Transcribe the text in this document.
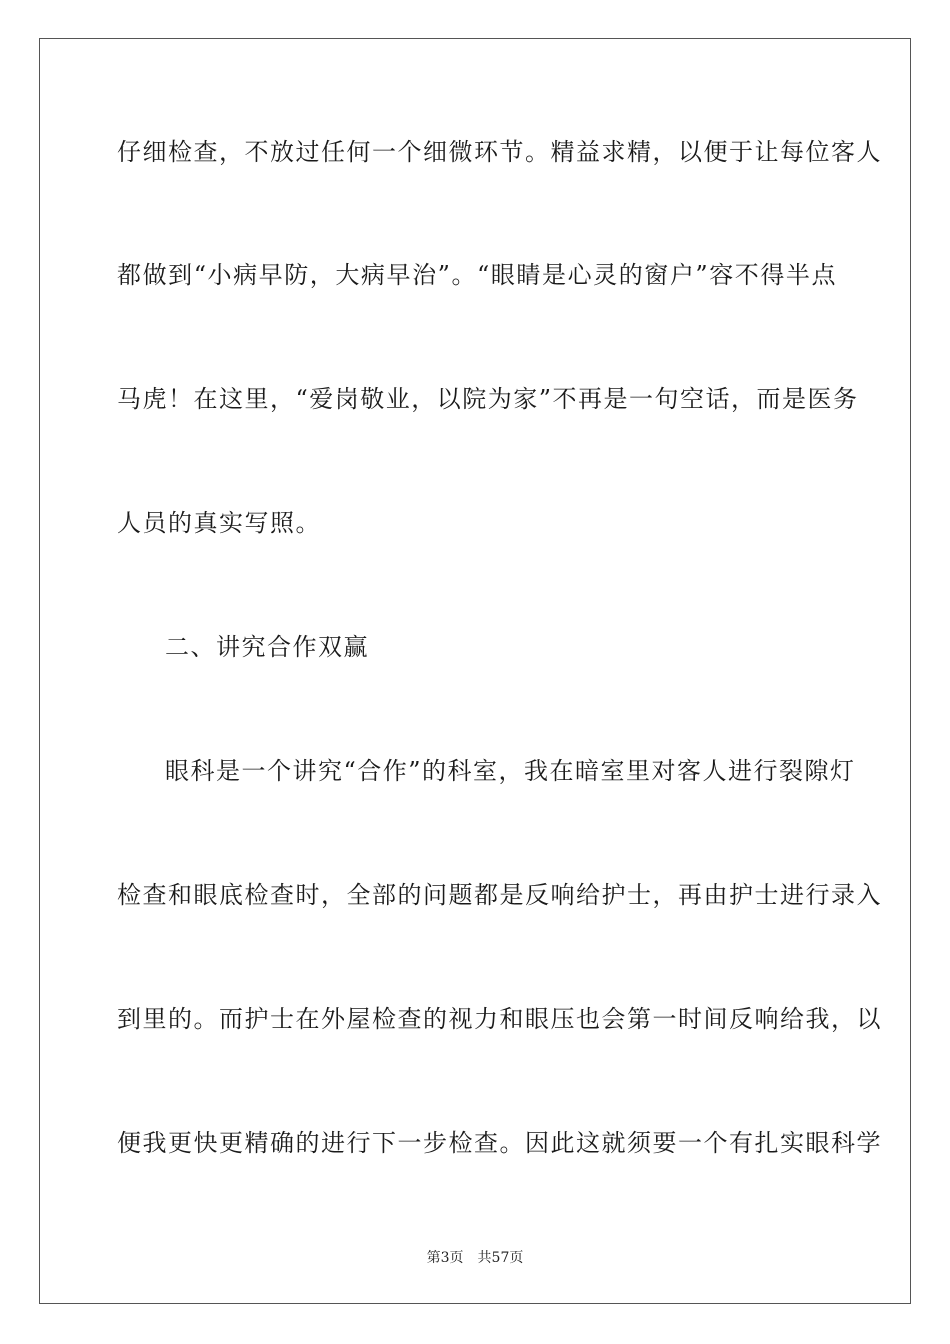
仔细检查，不放过任何一个细微环节。精益求精，以便于让每位客人
都做到“小病早防，大病早治”。“眼睛是心灵的窗户”容不得半点
马虎！在这里，“爱岗敬业，以院为家”不再是一句空话，而是医务
人员的真实写照。
二、讲究合作双赢
眼科是一个讲究“合作”的科室，我在暗室里对客人进行裂隙灯
检查和眼底检查时，全部的问题都是反响给护士，再由护士进行录入
到里的。而护士在外屋检查的视力和眼压也会第一时间反响给我，以
便我更快更精确的进行下一步检查。因此这就须要一个有扎实眼科学
第3页 共57页
